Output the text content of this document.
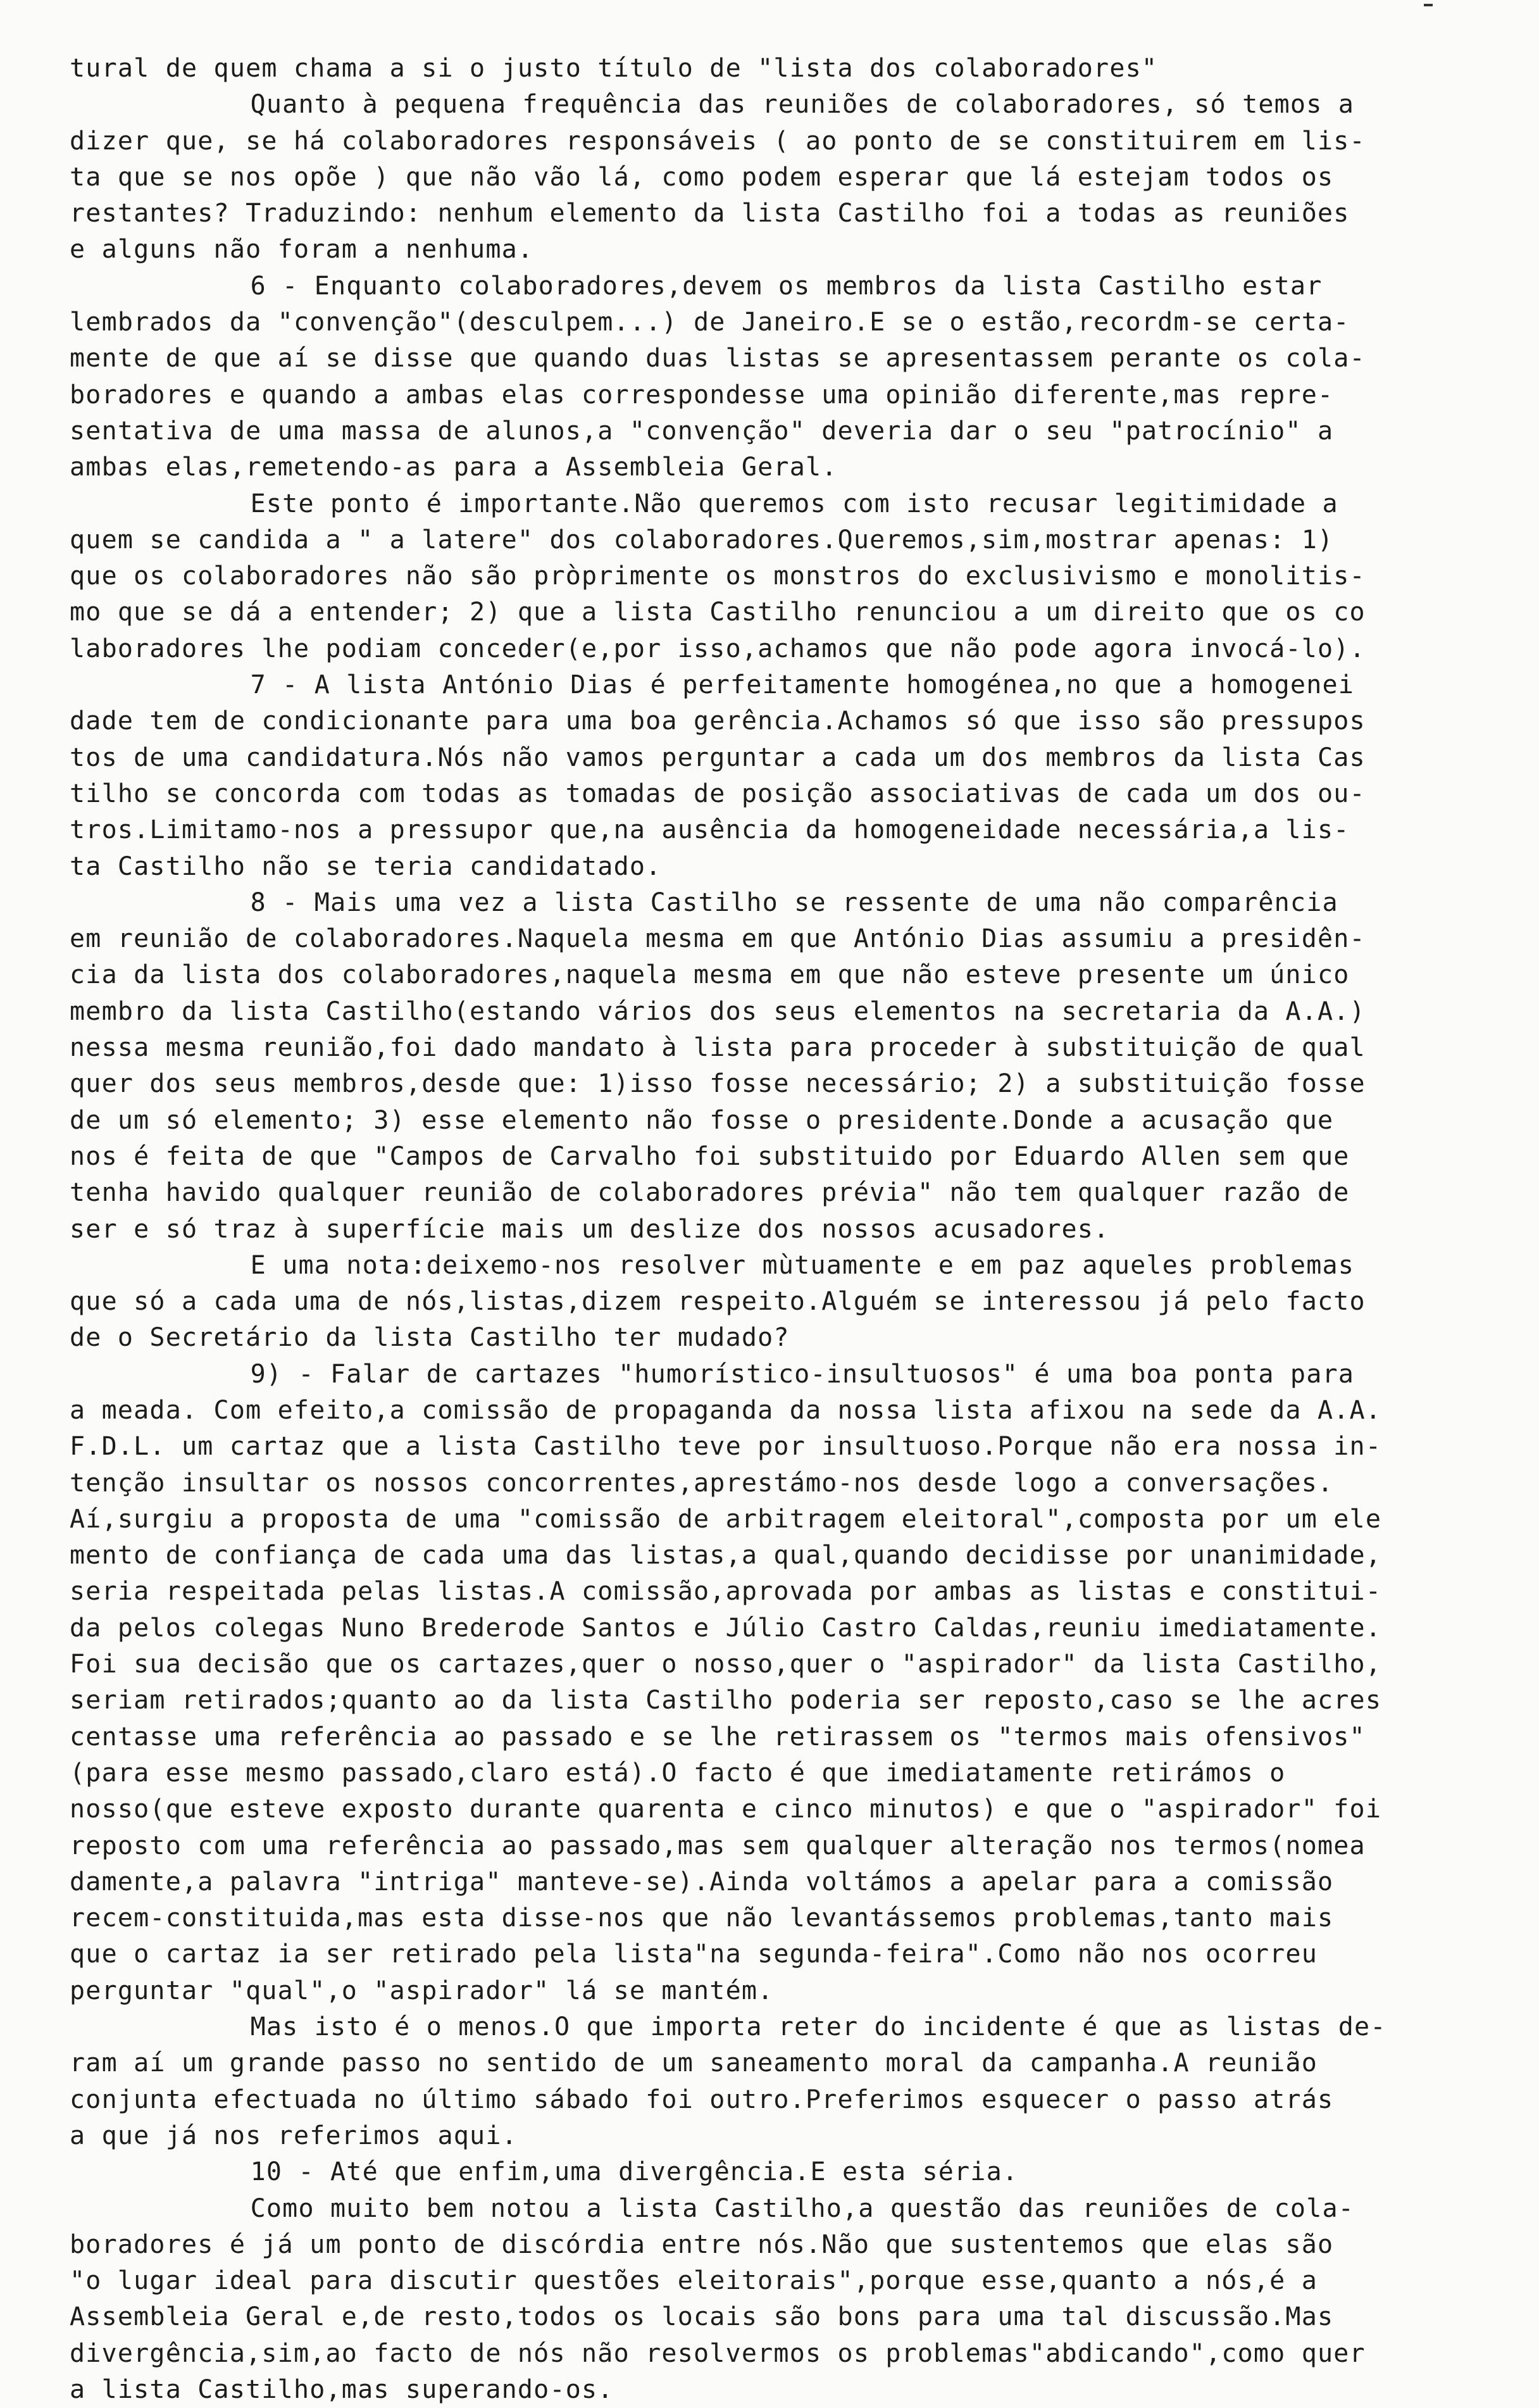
tural de quem chama a si o justo título de "lista dos colaboradores"
Quanto à pequena frequência das reuniões de colaboradores, só temos a
dizer que, se há colaboradores responsáveis ( ao ponto de se constituirem em lis-
ta que se nos opõe ) que não vão lá, como podem esperar que lá estejam todos os
restantes? Traduzindo: nenhum elemento da lista Castilho foi a todas as reuniões
e alguns não foram a nenhuma.
6 - Enquanto colaboradores,devem os membros da lista Castilho estar
lembrados da "convenção"(desculpem...) de Janeiro.E se o estão,recordm-se certa-
mente de que aí se disse que quando duas listas se apresentassem perante os cola-
boradores e quando a ambas elas correspondesse uma opinião diferente,mas repre-
sentativa de uma massa de alunos,a "convenção" deveria dar o seu "patrocínio" a
ambas elas,remetendo-as para a Assembleia Geral.
Este ponto é importante.Não queremos com isto recusar legitimidade a
quem se candida a " a latere" dos colaboradores.Queremos,sim,mostrar apenas: 1)
que os colaboradores não são pròprimente os monstros do exclusivismo e monolitis-
mo que se dá a entender; 2) que a lista Castilho renunciou a um direito que os co
laboradores lhe podiam conceder(e,por isso,achamos que não pode agora invocá-lo).
7 - A lista António Dias é perfeitamente homogénea,no que a homogenei
dade tem de condicionante para uma boa gerência.Achamos só que isso são pressupos
tos de uma candidatura.Nós não vamos perguntar a cada um dos membros da lista Cas
tilho se concorda com todas as tomadas de posição associativas de cada um dos ou-
tros.Limitamo-nos a pressupor que,na ausência da homogeneidade necessária,a lis-
ta Castilho não se teria candidatado.
8 - Mais uma vez a lista Castilho se ressente de uma não comparência
em reunião de colaboradores.Naquela mesma em que António Dias assumiu a presidên-
cia da lista dos colaboradores,naquela mesma em que não esteve presente um único
membro da lista Castilho(estando vários dos seus elementos na secretaria da A.A.)
nessa mesma reunião,foi dado mandato à lista para proceder à substituição de qual
quer dos seus membros,desde que: 1)isso fosse necessário; 2) a substituição fosse
de um só elemento; 3) esse elemento não fosse o presidente.Donde a acusação que
nos é feita de que "Campos de Carvalho foi substituido por Eduardo Allen sem que
tenha havido qualquer reunião de colaboradores prévia" não tem qualquer razão de
ser e só traz à superfície mais um deslize dos nossos acusadores.
E uma nota:deixemo-nos resolver mùtuamente e em paz aqueles problemas
que só a cada uma de nós,listas,dizem respeito.Alguém se interessou já pelo facto
de o Secretário da lista Castilho ter mudado?
9) - Falar de cartazes "humorístico-insultuosos" é uma boa ponta para
a meada. Com efeito,a comissão de propaganda da nossa lista afixou na sede da A.A.
F.D.L. um cartaz que a lista Castilho teve por insultuoso.Porque não era nossa in-
tenção insultar os nossos concorrentes,aprestámo-nos desde logo a conversações.
Aí,surgiu a proposta de uma "comissão de arbitragem eleitoral",composta por um ele
mento de confiança de cada uma das listas,a qual,quando decidisse por unanimidade,
seria respeitada pelas listas.A comissão,aprovada por ambas as listas e constitui-
da pelos colegas Nuno Brederode Santos e Júlio Castro Caldas,reuniu imediatamente.
Foi sua decisão que os cartazes,quer o nosso,quer o "aspirador" da lista Castilho,
seriam retirados;quanto ao da lista Castilho poderia ser reposto,caso se lhe acres
centasse uma referência ao passado e se lhe retirassem os "termos mais ofensivos"
(para esse mesmo passado,claro está).O facto é que imediatamente retirámos o
nosso(que esteve exposto durante quarenta e cinco minutos) e que o "aspirador" foi
reposto com uma referência ao passado,mas sem qualquer alteração nos termos(nomea
damente,a palavra "intriga" manteve-se).Ainda voltámos a apelar para a comissão
recem-constituida,mas esta disse-nos que não levantássemos problemas,tanto mais
que o cartaz ia ser retirado pela lista"na segunda-feira".Como não nos ocorreu
perguntar "qual",o "aspirador" lá se mantém.
Mas isto é o menos.O que importa reter do incidente é que as listas de-
ram aí um grande passo no sentido de um saneamento moral da campanha.A reunião
conjunta efectuada no último sábado foi outro.Preferimos esquecer o passo atrás
a que já nos referimos aqui.
10 - Até que enfim,uma divergência.E esta séria.
Como muito bem notou a lista Castilho,a questão das reuniões de cola-
boradores é já um ponto de discórdia entre nós.Não que sustentemos que elas são
"o lugar ideal para discutir questões eleitorais",porque esse,quanto a nós,é a
Assembleia Geral e,de resto,todos os locais são bons para uma tal discussão.Mas
divergência,sim,ao facto de nós não resolvermos os problemas"abdicando",como quer
a lista Castilho,mas superando-os.
